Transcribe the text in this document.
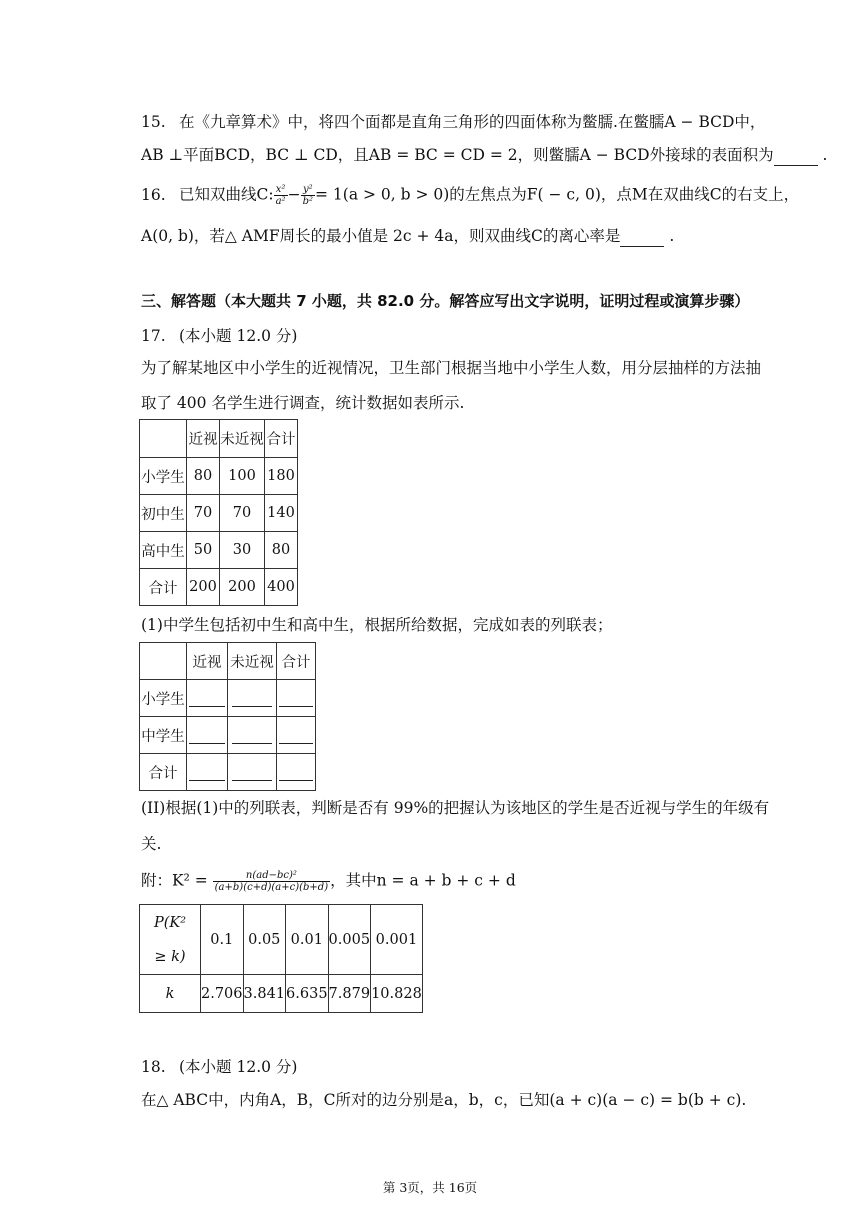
15. 在《九章算术》中，将四个面都是直角三角形的四面体称为鳖臑.在鳖臑A − BCD中，
AB ⊥平面BCD，BC ⊥ CD，且AB = BC = CD = 2，则鳖臑A − BCD外接球的表面积为	.
16. 已知双曲线C: $\frac{\text{x²}}{\text{a²}} - \frac{\text{y²}}{\text{b²}} = 1(a > 0$, b > 0)的左焦点为F( − c, 0)，点M在双曲线C的右支上，
A(0, b)，若△ AMF周长的最小值是 2c + 4a，则双曲线C的离心率是	.
三、解答题（本大题共 7 小题，共 82.0 分。解答应写出文字说明，证明过程或演算步骤）
17. (本小题 12.0 分)
为了解某地区中小学生的近视情况，卫生部门根据当地中小学生人数，用分层抽样的方法抽
取了 400 名学生进行调查，统计数据如表所示.
	近视	未近视	合计
小学生	80	100	180
初中生	70	70	140
高中生	50	30	80
合计	200	200	400
(1)中学生包括初中生和高中生，根据所给数据，完成如表的列联表；
	近视	未近视	合计
小学生			
中学生			
合计			
(II)根据(1)中的列联表，判断是否有 99%的把握认为该地区的学生是否近视与学生的年级有
关.
附：$K^2 = \frac{\text{n(ad−bc)²}}{(a+b)(c+d)(a+c)(b+d)}$ ，其中n = a + b + c + d
P(K²
≥ k)	0.1	0.05	0.01	0.005	0.001
k	2.706	3.841	6.635	7.879	10.828
18. (本小题 12.0 分)
在△ ABC中，内角A，B，C所对的边分别是a，b，c，已知(a + c)(a − c) = b(b + c).
第 3页，共 16页
